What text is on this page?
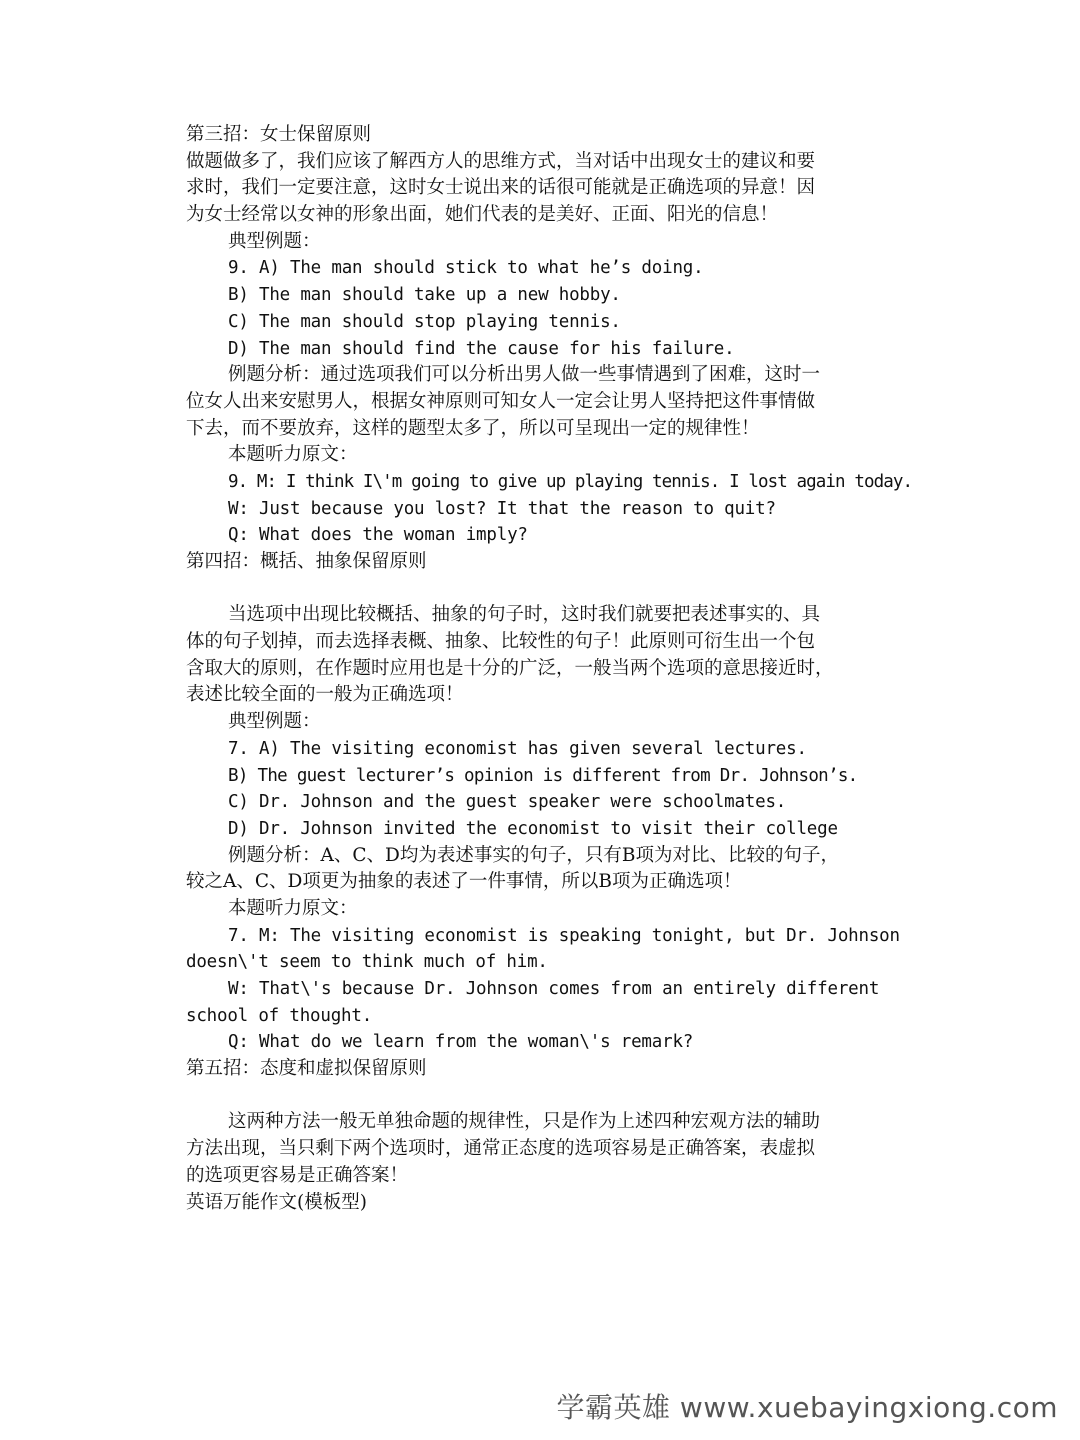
第三招：女士保留原则
做题做多了，我们应该了解西方人的思维方式，当对话中出现女士的建议和要
求时，我们一定要注意，这时女士说出来的话很可能就是正确选项的异意！因
为女士经常以女神的形象出面，她们代表的是美好、正面、阳光的信息！
典型例题：
9. A) The man should stick to what he’s doing.
B) The man should take up a new hobby.
C) The man should stop playing tennis.
D) The man should find the cause for his failure.
例题分析：通过选项我们可以分析出男人做一些事情遇到了困难，这时一
位女人出来安慰男人，根据女神原则可知女人一定会让男人坚持把这件事情做
下去，而不要放弃，这样的题型太多了，所以可呈现出一定的规律性！
本题听力原文：
9. M: I think I\'m going to give up playing tennis. I lost again today.
W: Just because you lost? It that the reason to quit?
Q: What does the woman imply?
第四招：概括、抽象保留原则
当选项中出现比较概括、抽象的句子时，这时我们就要把表述事实的、具
体的句子划掉，而去选择表概、抽象、比较性的句子！此原则可衍生出一个包
含取大的原则，在作题时应用也是十分的广泛，一般当两个选项的意思接近时，
表述比较全面的一般为正确选项！
典型例题：
7. A) The visiting economist has given several lectures.
B) The guest lecturer’s opinion is different from Dr. Johnson’s.
C) Dr. Johnson and the guest speaker were schoolmates.
D) Dr. Johnson invited the economist to visit their college
例题分析：A、C、D均为表述事实的句子，只有B项为对比、比较的句子，
较之A、C、D项更为抽象的表述了一件事情，所以B项为正确选项！
本题听力原文：
7. M: The visiting economist is speaking tonight, but Dr. Johnson
doesn\'t seem to think much of him.
W: That\'s because Dr. Johnson comes from an entirely different
school of thought.
Q: What do we learn from the woman\'s remark?
第五招：态度和虚拟保留原则
这两种方法一般无单独命题的规律性，只是作为上述四种宏观方法的辅助
方法出现，当只剩下两个选项时，通常正态度的选项容易是正确答案，表虚拟
的选项更容易是正确答案！
英语万能作文(模板型)
学霸英雄 www.xuebayingxiong.com
